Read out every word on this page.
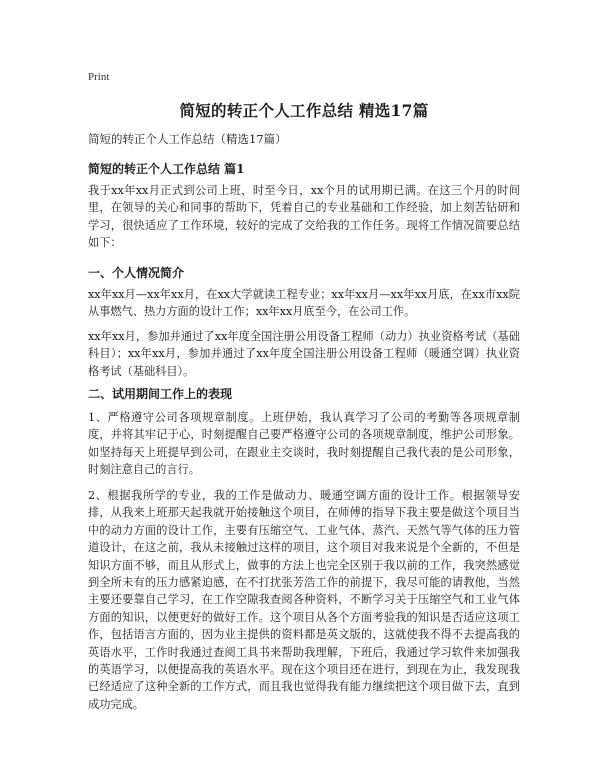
Print
简短的转正个人工作总结 精选17篇
简短的转正个人工作总结（精选17篇）
简短的转正个人工作总结 篇1

我于xx年xx月正式到公司上班，时至今日，xx个月的试用期已满。在这三个月的时间里，在领导的关心和同事的帮助下，凭着自己的专业基础和工作经验，加上刻苦钻研和学习，很快适应了工作环境，较好的完成了交给我的工作任务。现将工作情况简要总结如下：

一、个人情况简介

xx年xx月—xx年xx月，在xx大学就读工程专业；xx年xx月—xx年xx月底，在xx市xx院从事燃气、热力方面的设计工作；xx年xx月底至今，在公司工作。

xx年xx月，参加并通过了xx年度全国注册公用设备工程师（动力）执业资格考试（基础科目）；xx年xx月，参加并通过了xx年度全国注册公用设备工程师（暖通空调）执业资格考试（基础科目）。

二、试用期间工作上的表现

1、严格遵守公司各项规章制度。上班伊始，我认真学习了公司的考勤等各项规章制度，并将其牢记于心，时刻提醒自己要严格遵守公司的各项规章制度，维护公司形象。如坚持每天上班提早到公司，在跟业主交谈时，我时刻提醒自己我代表的是公司形象，时刻注意自己的言行。

2、根据我所学的专业，我的工作是做动力、暖通空调方面的设计工作。根据领导安排，从我来上班那天起我就开始接触这个项目，在师傅的指导下我主要是做这个项目当中的动力方面的设计工作，主要有压缩空气、工业气体、蒸汽、天然气等气体的压力管道设计，在这之前，我从未接触过这样的项目，这个项目对我来说是个全新的，不但是知识方面不够，而且从形式上，做事的方法上也完全区别于我以前的工作，我突然感觉到全所未有的压力感紧迫感，在不打扰张芳浩工作的前提下，我尽可能的请教他，当然主要还要靠自己学习，在工作空隙我查阅各种资料，不断学习关于压缩空气和工业气体方面的知识，以便更好的做好工作。这个项目从各个方面考验我的知识是否适应这项工作，包括语言方面的，因为业主提供的资料都是英文版的，这就使我不得不去提高我的英语水平，工作时我通过查阅工具书来帮助我理解，下班后，我通过学习软件来加强我的英语学习，以便提高我的英语水平。现在这个项目还在进行，到现在为止，我发现我已经适应了这种全新的工作方式，而且我也觉得我有能力继续把这个项目做下去，直到成功完成。
